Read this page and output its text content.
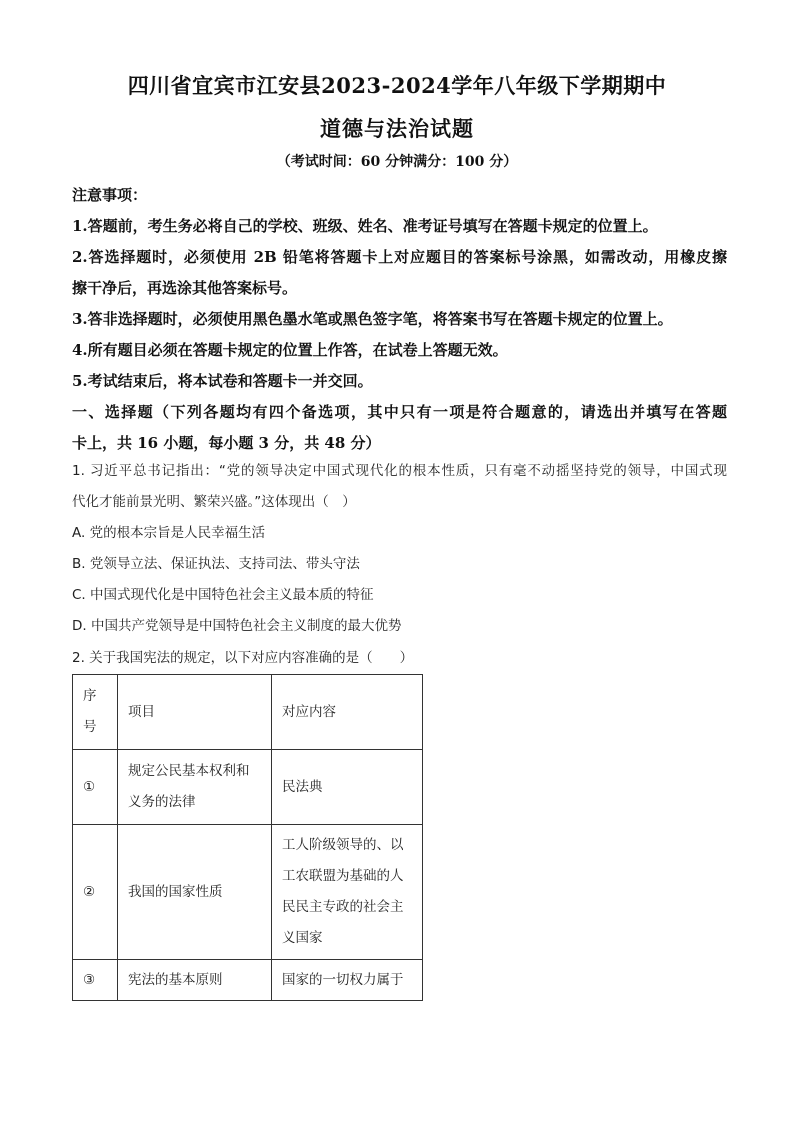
四川省宜宾市江安县2023-2024学年八年级下学期期中
道德与法治试题
（考试时间：60 分钟满分：100 分）
注意事项：
1.答题前，考生务必将自己的学校、班级、姓名、准考证号填写在答题卡规定的位置上。
2.答选择题时，必须使用 2B 铅笔将答题卡上对应题目的答案标号涂黑，如需改动，用橡皮擦
擦干净后，再选涂其他答案标号。
3.答非选择题时，必须使用黑色墨水笔或黑色签字笔，将答案书写在答题卡规定的位置上。
4.所有题目必须在答题卡规定的位置上作答，在试卷上答题无效。
5.考试结束后，将本试卷和答题卡一并交回。
一、选择题（下列各题均有四个备选项，其中只有一项是符合题意的，请选出并填写在答题
卡上，共 16 小题，每小题 3 分，共 48 分）
1. 习近平总书记指出：“党的领导决定中国式现代化的根本性质，只有毫不动摇坚持党的领导，中国式现
代化才能前景光明、繁荣兴盛。”这体现出（　）
A. 党的根本宗旨是人民幸福生活
B. 党领导立法、保证执法、支持司法、带头守法
C. 中国式现代化是中国特色社会主义最本质的特征
D. 中国共产党领导是中国特色社会主义制度的最大优势
2. 关于我国宪法的规定，以下对应内容准确的是（　　）
序号	项目	对应内容
①	规定公民基本权利和义务的法律	民法典
②	我国的国家性质	工人阶级领导的、以工农联盟为基础的人民民主专政的社会主义国家
③	宪法的基本原则	国家的一切权力属于
